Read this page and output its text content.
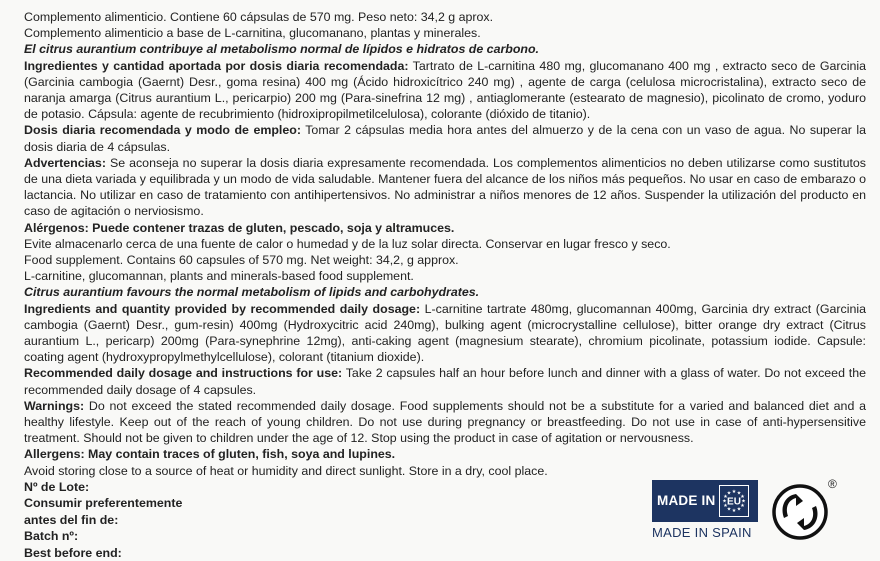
Complemento alimenticio. Contiene 60 cápsulas de 570 mg. Peso neto: 34,2 g aprox.

Complemento alimenticio a base de L-carnitina, glucomanano, plantas y minerales.

El citrus aurantium contribuye al metabolismo normal de lípidos e hidratos de carbono.

Ingredientes y cantidad aportada por dosis diaria recomendada: Tartrato de L-carnitina 480 mg, glucomanano 400 mg , extracto seco de Garcinia (Garcinia cambogia (Gaernt) Desr., goma resina) 400 mg (Ácido hidroxicítrico 240 mg) , agente de carga (celulosa microcristalina), extracto seco de naranja amarga (Citrus aurantium L., pericarpio) 200 mg (Para-sinefrina 12 mg) , antiaglomerante (estearato de magnesio), picolinato de cromo, yoduro de potasio. Cápsula: agente de recubrimiento (hidroxipropilmetilcelulosa), colorante (dióxido de titanio).

Dosis diaria recomendada y modo de empleo: Tomar 2 cápsulas media hora antes del almuerzo y de la cena con un vaso de agua. No superar la dosis diaria de 4 cápsulas.

Advertencias: Se aconseja no superar la dosis diaria expresamente recomendada. Los complementos alimenticios no deben utilizarse como sustitutos de una dieta variada y equilibrada y un modo de vida saludable. Mantener fuera del alcance de los niños más pequeños. No usar en caso de embarazo o lactancia. No utilizar en caso de tratamiento con antihipertensivos. No administrar a niños menores de 12 años. Suspender la utilización del producto en caso de agitación o nerviosismo.

Alérgenos: Puede contener trazas de gluten, pescado, soja y altramuces.

Evite almacenarlo cerca de una fuente de calor o humedad y de la luz solar directa. Conservar en lugar fresco y seco.

Food supplement. Contains 60 capsules of 570 mg. Net weight: 34,2, g approx.

L-carnitine, glucomannan, plants and minerals-based food supplement.

Citrus aurantium favours the normal metabolism of lipids and carbohydrates.

Ingredients and quantity provided by recommended daily dosage: L-carnitine tartrate 480mg, glucomannan 400mg, Garcinia dry extract (Garcinia cambogia (Gaernt) Desr., gum-resin) 400mg (Hydroxycitric acid 240mg), bulking agent (microcrystalline cellulose), bitter orange dry extract (Citrus aurantium L., pericarp) 200mg (Para-synephrine 12mg), anti-caking agent (magnesium stearate), chromium picolinate, potassium iodide. Capsule: coating agent (hydroxypropylmethylcellulose), colorant (titanium dioxide).

Recommended daily dosage and instructions for use: Take 2 capsules half an hour before lunch and dinner with a glass of water. Do not exceed the recommended daily dosage of 4 capsules.

Warnings: Do not exceed the stated recommended daily dosage. Food supplements should not be a substitute for a varied and balanced diet and a healthy lifestyle. Keep out of the reach of young children. Do not use during pregnancy or breastfeeding. Do not use in case of anti-hypersensitive treatment. Should not be given to children under the age of 12. Stop using the product in case of agitation or nervousness.

Allergens: May contain traces of gluten, fish, soya and lupines.

Avoid storing close to a source of heat or humidity and direct sunlight. Store in a dry, cool place.

Nº de Lote:
Consumir preferentemente
antes del fin de:
Batch nº:
Best before end:
MADE IN
★ ★
★
★
★
★
★
★
★
★
★
★
EU
MADE IN SPAIN
®
